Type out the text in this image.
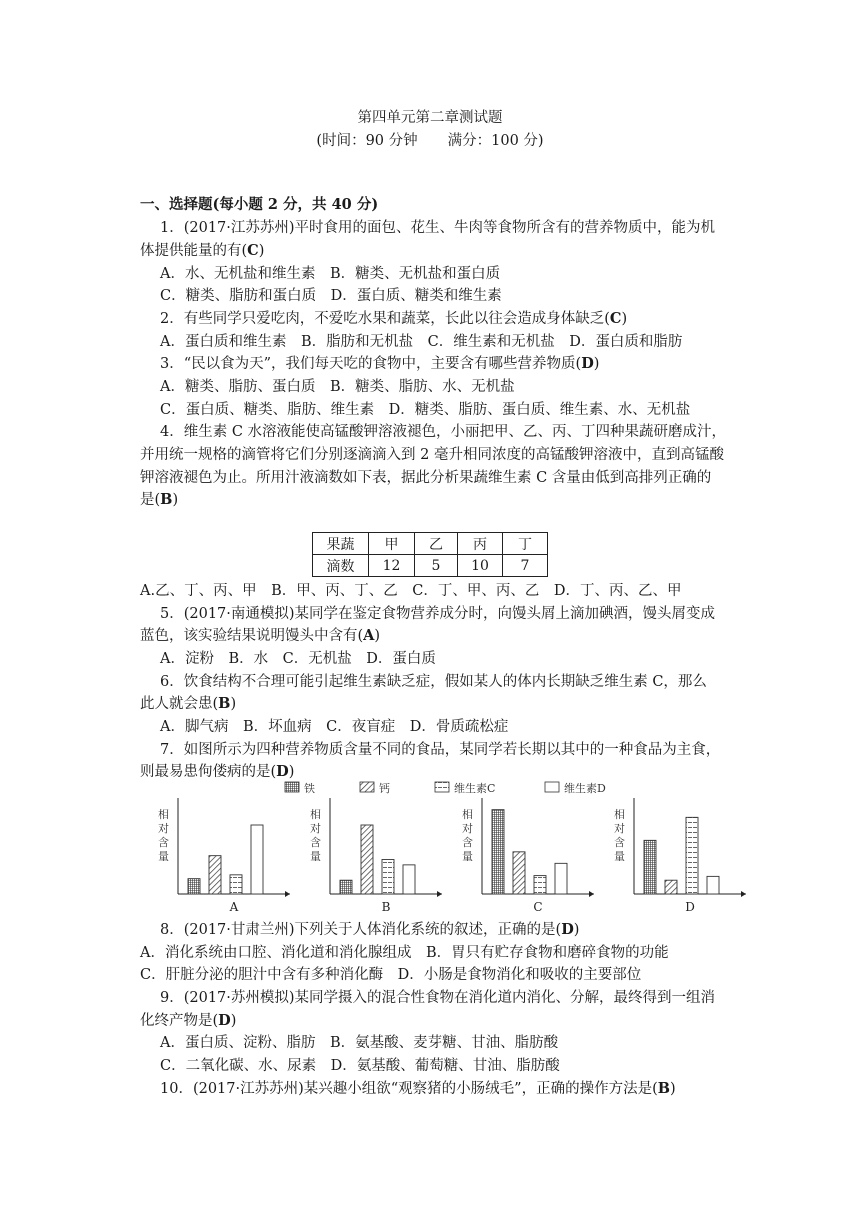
第四单元第二章测试题
(时间：90 分钟 满分：100 分)
一、选择题(每小题 2 分，共 40 分)
1．(2017·江苏苏州)平时食用的面包、花生、牛肉等食物所含有的营养物质中，能为机
体提供能量的有(C)
A．水、无机盐和维生素　B．糖类、无机盐和蛋白质
C．糖类、脂肪和蛋白质　D．蛋白质、糖类和维生素
2．有些同学只爱吃肉，不爱吃水果和蔬菜，长此以往会造成身体缺乏(C)
A．蛋白质和维生素　B．脂肪和无机盐　C．维生素和无机盐　D．蛋白质和脂肪
3．“民以食为天”，我们每天吃的食物中，主要含有哪些营养物质(D)
A．糖类、脂肪、蛋白质　B．糖类、脂肪、水、无机盐
C．蛋白质、糖类、脂肪、维生素　D．糖类、脂肪、蛋白质、维生素、水、无机盐
4．维生素 C 水溶液能使高锰酸钾溶液褪色，小丽把甲、乙、丙、丁四种果蔬研磨成汁，
并用统一规格的滴管将它们分别逐滴滴入到 2 毫升相同浓度的高锰酸钾溶液中，直到高锰酸
钾溶液褪色为止。所用汁液滴数如下表，据此分析果蔬维生素 C 含量由低到高排列正确的
是(B)
果蔬	甲	乙	丙	丁
滴数	12	5	10	7
A.乙、丁、丙、甲　B．甲、丙、丁、乙　C．丁、甲、丙、乙　D．丁、丙、乙、甲
5．(2017·南通模拟)某同学在鉴定食物营养成分时，向馒头屑上滴加碘酒，馒头屑变成
蓝色，该实验结果说明馒头中含有(A)
A．淀粉　B．水　C．无机盐　D．蛋白质
6．饮食结构不合理可能引起维生素缺乏症，假如某人的体内长期缺乏维生素 C，那么
此人就会患(B)
A．脚气病　B．坏血病　C．夜盲症　D．骨质疏松症
7．如图所示为四种营养物质含量不同的食品，某同学若长期以其中的一种食品为主食，
则最易患佝偻病的是(D)
铁	钙	维生素C	维生素D
相
对
含
量
A
相
对
含
量
B
相
对
含
量
C
相
对
含
量
D
8．(2017·甘肃兰州)下列关于人体消化系统的叙述，正确的是(D)
A．消化系统由口腔、消化道和消化腺组成　B．胃只有贮存食物和磨碎食物的功能
C．肝脏分泌的胆汁中含有多种消化酶　D．小肠是食物消化和吸收的主要部位
9．(2017·苏州模拟)某同学摄入的混合性食物在消化道内消化、分解，最终得到一组消
化终产物是(D)
A．蛋白质、淀粉、脂肪　B．氨基酸、麦芽糖、甘油、脂肪酸
C．二氧化碳、水、尿素　D．氨基酸、葡萄糖、甘油、脂肪酸
10．(2017·江苏苏州)某兴趣小组欲“观察猪的小肠绒毛”，正确的操作方法是(B)
